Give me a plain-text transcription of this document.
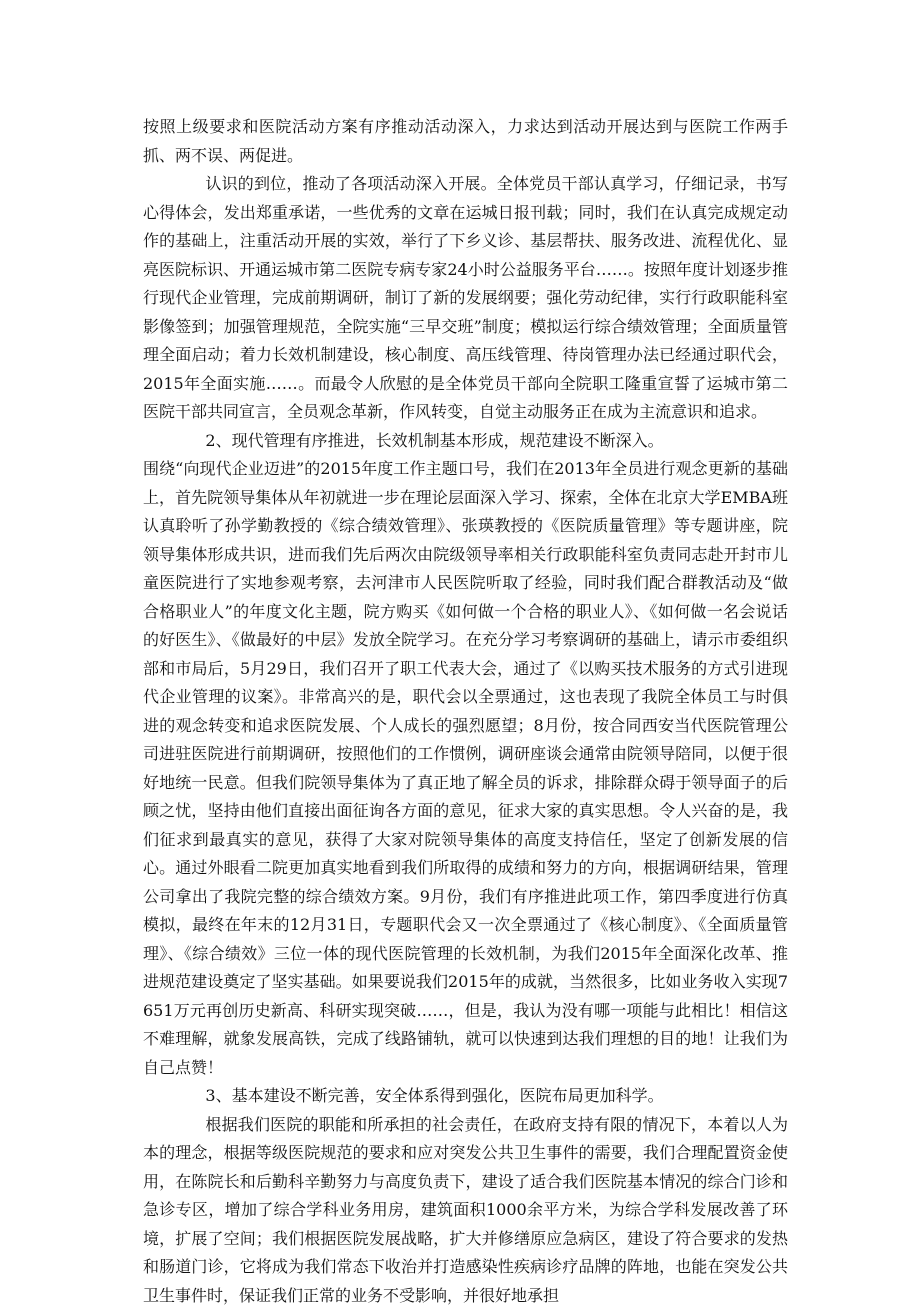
按照上级要求和医院活动方案有序推动活动深入，力求达到活动开展达到与医院工作两手抓、两不误、两促进。

认识的到位，推动了各项活动深入开展。全体党员干部认真学习，仔细记录，书写心得体会，发出郑重承诺，一些优秀的文章在运城日报刊载；同时，我们在认真完成规定动作的基础上，注重活动开展的实效，举行了下乡义诊、基层帮扶、服务改进、流程优化、显亮医院标识、开通运城市第二医院专病专家24小时公益服务平台……。按照年度计划逐步推行现代企业管理，完成前期调研，制订了新的发展纲要；强化劳动纪律，实行行政职能科室影像签到；加强管理规范，全院实施“三早交班”制度；模拟运行综合绩效管理；全面质量管理全面启动；着力长效机制建设，核心制度、高压线管理、待岗管理办法已经通过职代会，2015年全面实施……。而最令人欣慰的是全体党员干部向全院职工隆重宣誓了运城市第二医院干部共同宣言，全员观念革新，作风转变，自觉主动服务正在成为主流意识和追求。

2、现代管理有序推进，长效机制基本形成，规范建设不断深入。

围绕“向现代企业迈进”的2015年度工作主题口号，我们在2013年全员进行观念更新的基础上，首先院领导集体从年初就进一步在理论层面深入学习、探索，全体在北京大学EMBA班认真聆听了孙学勤教授的《综合绩效管理》、张瑛教授的《医院质量管理》等专题讲座，院领导集体形成共识，进而我们先后两次由院级领导率相关行政职能科室负责同志赴开封市儿童医院进行了实地参观考察，去河津市人民医院听取了经验，同时我们配合群教活动及“做合格职业人”的年度文化主题，院方购买《如何做一个合格的职业人》、《如何做一名会说话的好医生》、《做最好的中层》发放全院学习。在充分学习考察调研的基础上，请示市委组织部和市局后，5月29日，我们召开了职工代表大会，通过了《以购买技术服务的方式引进现代企业管理的议案》。非常高兴的是，职代会以全票通过，这也表现了我院全体员工与时俱进的观念转变和追求医院发展、个人成长的强烈愿望；8月份，按合同西安当代医院管理公司进驻医院进行前期调研，按照他们的工作惯例，调研座谈会通常由院领导陪同，以便于很好地统一民意。但我们院领导集体为了真正地了解全员的诉求，排除群众碍于领导面子的后顾之忧，坚持由他们直接出面征询各方面的意见，征求大家的真实思想。令人兴奋的是，我们征求到最真实的意见，获得了大家对院领导集体的高度支持信任，坚定了创新发展的信心。通过外眼看二院更加真实地看到我们所取得的成绩和努力的方向，根据调研结果，管理公司拿出了我院完整的综合绩效方案。9月份，我们有序推进此项工作，第四季度进行仿真模拟，最终在年末的12月31日，专题职代会又一次全票通过了《核心制度》、《全面质量管理》、《综合绩效》三位一体的现代医院管理的长效机制，为我们2015年全面深化改革、推进规范建设奠定了坚实基础。如果要说我们2015年的成就，当然很多，比如业务收入实现7651万元再创历史新高、科研实现突破……，但是，我认为没有哪一项能与此相比！相信这不难理解，就象发展高铁，完成了线路铺轨，就可以快速到达我们理想的目的地！让我们为自己点赞！

3、基本建设不断完善，安全体系得到强化，医院布局更加科学。

根据我们医院的职能和所承担的社会责任，在政府支持有限的情况下，本着以人为本的理念，根据等级医院规范的要求和应对突发公共卫生事件的需要，我们合理配置资金使用，在陈院长和后勤科辛勤努力与高度负责下，建设了适合我们医院基本情况的综合门诊和急诊专区，增加了综合学科业务用房，建筑面积1000余平方米，为综合学科发展改善了环境，扩展了空间；我们根据医院发展战略，扩大并修缮原应急病区，建设了符合要求的发热和肠道门诊，它将成为我们常态下收治并打造感染性疾病诊疗品牌的阵地，也能在突发公共卫生事件时，保证我们正常的业务不受影响，并很好地承担
